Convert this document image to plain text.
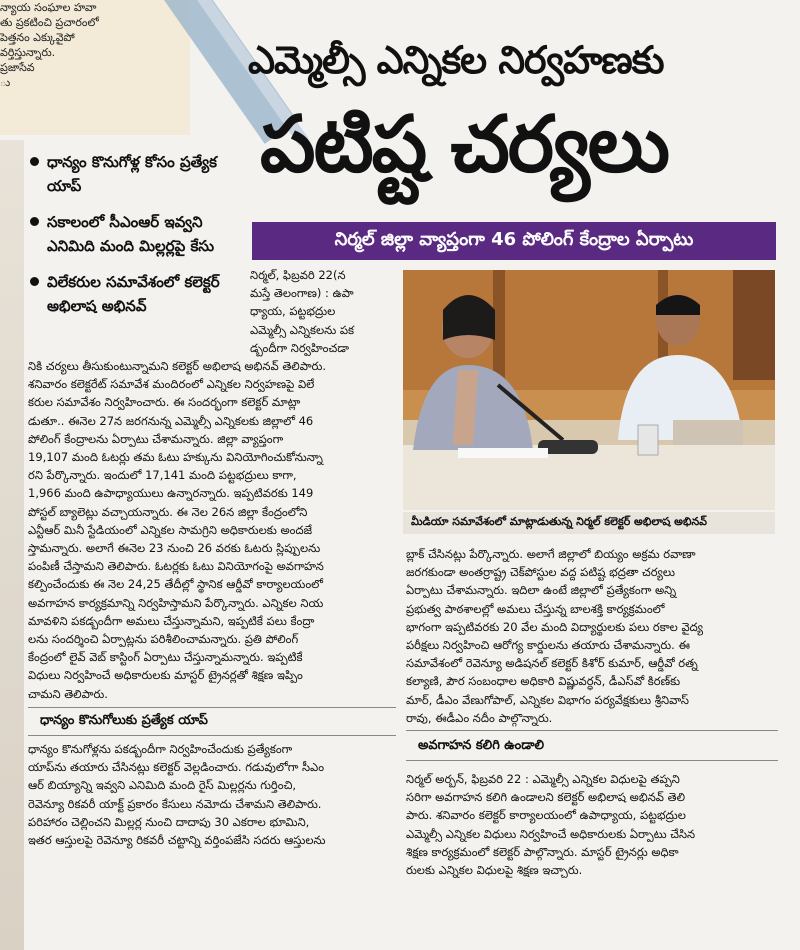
న్యాయ సంఘాల హవా
తు ప్రకటించి ప్రచారంలో
పెత్తనం ఎక్కువైపో
వర్తిస్తున్నారు.
ప్రజాసేవ
ు
ఎమ్మెల్సీ ఎన్నికల నిర్వహణకు
పటిష్ట చర్యలు
నిర్మల్ జిల్లా వ్యాప్తంగా 46 పోలింగ్ కేంద్రాల ఏర్పాటు
ధాన్యం కొనుగోళ్ల కోసం ప్రత్యేక యాప్
సకాలంలో సీఎంఆర్ ఇవ్వని ఎనిమిది మంది మిల్లర్లపై కేసు
విలేకరుల సమావేశంలో కలెక్టర్ అభిలాష అభినవ్
నిర్మల్, ఫిబ్రవరి 22(న
మస్తే తెలంగాణ) : ఉపా
ధ్యాయ, పట్టభద్రుల
ఎమ్మెల్సీ ఎన్నికలను పక
డ్బందీగా నిర్వహించడా
నికి చర్యలు తీసుకుంటున్నామని కలెక్టర్ అభిలాష అభినవ్ తెలిపారు.
శనివారం కలెక్టరేట్ సమావేశ మందిరంలో ఎన్నికల నిర్వహణపై విలే
కరుల సమావేశం నిర్వహించారు. ఈ సందర్భంగా కలెక్టర్ మాట్లా
డుతూ.. ఈనెల 27న జరగనున్న ఎమ్మెల్సీ ఎన్నికలకు జిల్లాలో 46
పోలింగ్ కేంద్రాలను ఏర్పాటు చేశామన్నారు. జిల్లా వ్యాప్తంగా
19,107 మంది ఓటర్లు తమ ఓటు హక్కును వినియోగించుకోనున్నా
రని పేర్కొన్నారు. ఇందులో 17,141 మంది పట్టభద్రులు కాగా,
1,966 మంది ఉపాధ్యాయులు ఉన్నారన్నారు. ఇప్పటివరకు 149
పోస్టల్ బ్యాలెట్లు వచ్చాయన్నారు. ఈ నెల 26న జిల్లా కేంద్రంలోని
ఎన్టీఆర్ మినీ స్టేడియంలో ఎన్నికల సామగ్రిని అధికారులకు అందజే
స్తామన్నారు. అలాగే ఈనెల 23 నుంచి 26 వరకు ఓటరు స్లిప్పులను
పంపిణీ చేస్తామని తెలిపారు. ఓటర్లకు ఓటు వినియోగంపై అవగాహన
కల్పించేందుకు ఈ నెల 24,25 తేదీల్లో స్థానిక ఆర్డీవో కార్యాలయంలో
అవగాహన కార్యక్రమాన్ని నిర్వహిస్తామని పేర్కొన్నారు. ఎన్నికల నియ
మావళిని పకడ్బందీగా అమలు చేస్తున్నామని, ఇప్పటికే పలు కేంద్రా
లను సందర్శించి ఏర్పాట్లను పరిశీలించామన్నారు. ప్రతి పోలింగ్
కేంద్రంలో లైవ్ వెబ్ కాస్టింగ్ ఏర్పాటు చేస్తున్నామన్నారు. ఇప్పటికే
విధులు నిర్వహించే అధికారులకు మాస్టర్ ట్రైనర్లతో శిక్షణ ఇప్పిం
చామని తెలిపారు.
ధాన్యం కొనుగోలుకు ప్రత్యేక యాప్
ధాన్యం కొనుగోళ్లను పకడ్బందీగా నిర్వహించేందుకు ప్రత్యేకంగా
యాప్‌ను తయారు చేసినట్లు కలెక్టర్ వెల్లడించారు. గడువులోగా సీఎం
ఆర్ బియ్యాన్ని ఇవ్వని ఎనిమిది మంది రైస్ మిల్లర్లను గుర్తించి,
రెవెన్యూ రికవరీ యాక్ట్ ప్రకారం కేసులు నమోదు చేశామని తెలిపారు.
పరిహారం చెల్లించని మిల్లర్ల నుంచి దాదాపు 30 ఎకరాల భూమిని,
ఇతర ఆస్తులపై రెవెన్యూ రికవరీ చట్టాన్ని వర్తింపజేసి సదరు ఆస్తులను
మీడియా సమావేశంలో మాట్లాడుతున్న నిర్మల్ కలెక్టర్ అభిలాష అభినవ్
బ్లాక్ చేసినట్లు పేర్కొన్నారు. అలాగే జిల్లాలో బియ్యం అక్రమ రవాణా
జరగకుండా అంతర్రాష్ట్ర చెక్‌పోస్టుల వద్ద పటిష్ట భద్రతా చర్యలు
ఏర్పాటు చేశామన్నారు. ఇదిలా ఉంటే జిల్లాలో ప్రత్యేకంగా అన్ని
ప్రభుత్వ పాఠశాలల్లో అమలు చేస్తున్న బాలశక్తి కార్యక్రమంలో
భాగంగా ఇప్పటివరకు 20 వేల మంది విద్యార్థులకు పలు రకాల వైద్య
పరీక్షలు నిర్వహించి ఆరోగ్య కార్డులను తయారు చేశామన్నారు. ఈ
సమావేశంలో రెవెన్యూ అడిషనల్ కలెక్టర్ కిశోర్ కుమార్, ఆర్డీవో రత్న
కల్యాణి, పౌర సంబంధాల అధికారి విష్ణువర్ధన్, డీఎస్‌వో కిరణ్‌కు
మార్, డీఎం వేణుగోపాల్, ఎన్నికల విభాగం పర్యవేక్షకులు శ్రీనివాస్
రావు, ఈడీఎం నదీం పాల్గొన్నారు.
అవగాహన కలిగి ఉండాలి
నిర్మల్ అర్బన్, ఫిబ్రవరి 22 : ఎమ్మెల్సీ ఎన్నికల విధులపై తప్పని
సరిగా అవగాహన కలిగి ఉండాలని కలెక్టర్ అభిలాష అభినవ్ తెలి
పారు. శనివారం కలెక్టర్ కార్యాలయంలో ఉపాధ్యాయ, పట్టభద్రుల
ఎమ్మెల్సీ ఎన్నికల విధులు నిర్వహించే అధికారులకు ఏర్పాటు చేసిన
శిక్షణ కార్యక్రమంలో కలెక్టర్ పాల్గొన్నారు. మాస్టర్ ట్రైనర్లు అధికా
రులకు ఎన్నికల విధులపై శిక్షణ ఇచ్చారు.
